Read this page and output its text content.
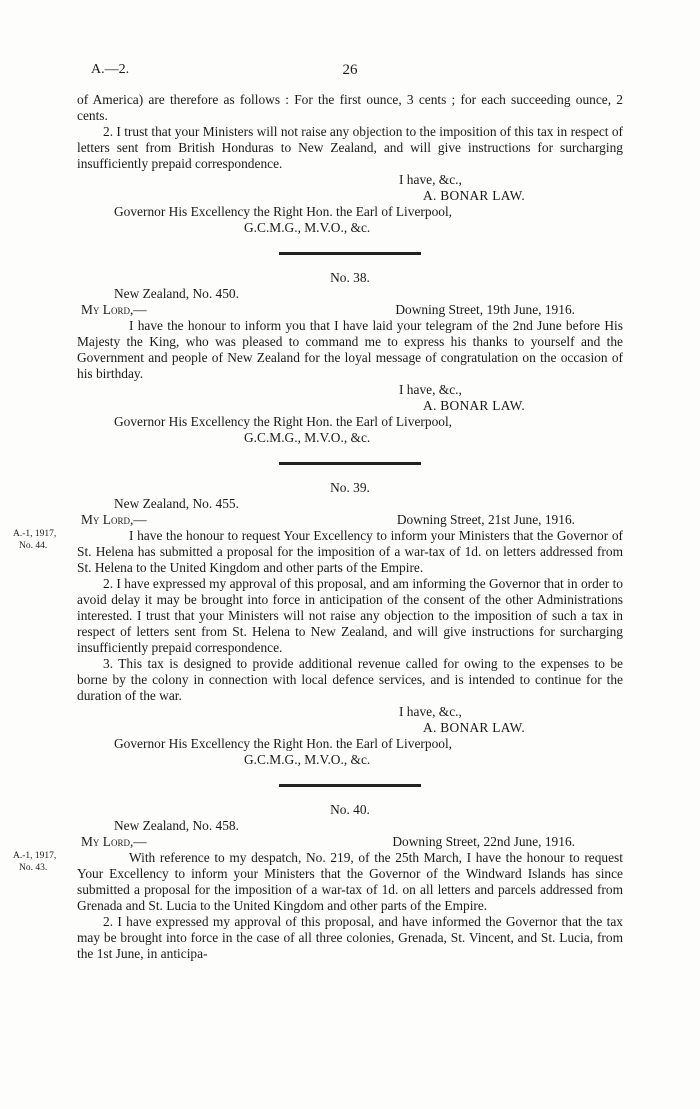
A.—2.	26

of America) are therefore as follows : For the first ounce, 3 cents ; for each succeeding ounce, 2 cents.

2. I trust that your Ministers will not raise any objection to the imposition of this tax in respect of letters sent from British Honduras to New Zealand, and will give instructions for surcharging insufficiently prepaid correspondence.

I have, &c.,

A. BONAR LAW.

Governor His Excellency the Right Hon. the Earl of Liverpool,

G.C.M.G., M.V.O., &c.

No. 38.

New Zealand, No. 450.

My Lord,—	Downing Street, 19th June, 1916.

I have the honour to inform you that I have laid your telegram of the 2nd June before His Majesty the King, who was pleased to command me to express his thanks to yourself and the Government and people of New Zealand for the loyal message of congratulation on the occasion of his birthday.

I have, &c.,

A. BONAR LAW.

Governor His Excellency the Right Hon. the Earl of Liverpool,

G.C.M.G., M.V.O., &c.

No. 39.

New Zealand, No. 455.

My Lord,—	Downing Street, 21st June, 1916.
A.-1, 1917,
No. 44.

I have the honour to request Your Excellency to inform your Ministers that the Governor of St. Helena has submitted a proposal for the imposition of a war-tax of 1d. on letters addressed from St. Helena to the United Kingdom and other parts of the Empire.

2. I have expressed my approval of this proposal, and am informing the Governor that in order to avoid delay it may be brought into force in anticipation of the consent of the other Administrations interested. I trust that your Ministers will not raise any objection to the imposition of such a tax in respect of letters sent from St. Helena to New Zealand, and will give instructions for surcharging insufficiently prepaid correspondence.

3. This tax is designed to provide additional revenue called for owing to the expenses to be borne by the colony in connection with local defence services, and is intended to continue for the duration of the war.

I have, &c.,

A. BONAR LAW.

Governor His Excellency the Right Hon. the Earl of Liverpool,

G.C.M.G., M.V.O., &c.

No. 40.

New Zealand, No. 458.

My Lord,—	Downing Street, 22nd June, 1916.
A.-1, 1917,
No. 43.

With reference to my despatch, No. 219, of the 25th March, I have the honour to request Your Excellency to inform your Ministers that the Governor of the Windward Islands has since submitted a proposal for the imposition of a war-tax of 1d. on all letters and parcels addressed from Grenada and St. Lucia to the United Kingdom and other parts of the Empire.

2. I have expressed my approval of this proposal, and have informed the Governor that the tax may be brought into force in the case of all three colonies, Grenada, St. Vincent, and St. Lucia, from the 1st June, in anticipa-
